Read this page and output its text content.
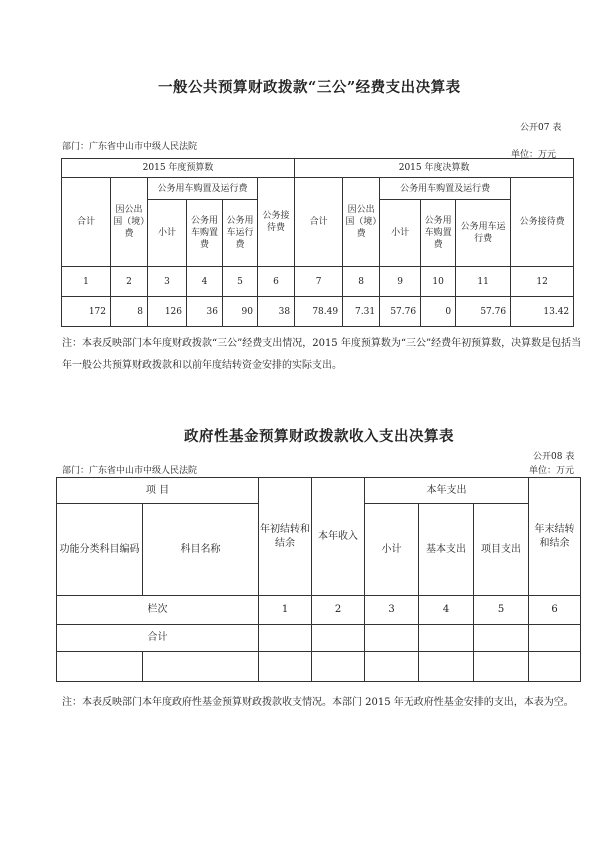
一般公共预算财政拨款“三公”经费支出决算表
公开07 表
部门：广东省中山市中级人民法院
单位：万元
2015 年度预算数						2015 年度决算数					
合计	因公出国（境）费	公务用车购置及运行费			公务接待费	合计	因公出国（境）费	公务用车购置及运行费			公务接待费
		小计	公务用车购置费	公务用车运行费				小计	公务用车购置费	公务用车运行费	
1	2	3	4	5	6	7	8	9	10	11	12
172	8	126	36	90	38	78.49	7.31	57.76	0	57.76	13.42
注：本表反映部门本年度财政拨款“三公”经费支出情况，2015 年度预算数为“三公”经费年初预算数，决算数是包括当年一般公共预算财政拨款和以前年度结转资金安排的实际支出。
政府性基金预算财政拨款收入支出决算表
公开08 表
部门：广东省中山市中级人民法院	单位：万元
项 目		年初结转和结余	本年收入	本年支出			年末结转和结余
功能分类科目编码	科目名称			小计	基本支出	项目支出	
栏次		1	2	3	4	5	6
合计							

注：本表反映部门本年度政府性基金预算财政拨款收支情况。本部门 2015 年无政府性基金安排的支出，本表为空。
